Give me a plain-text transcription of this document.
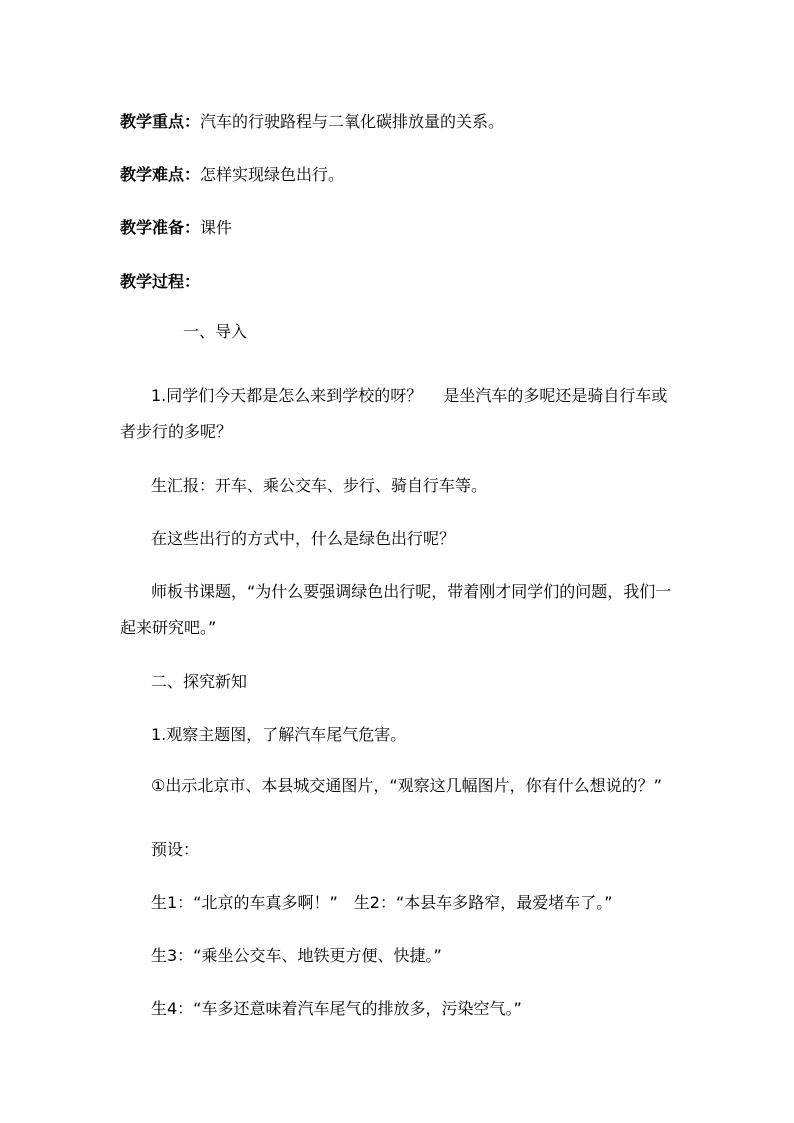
教学重点：汽车的行驶路程与二氧化碳排放量的关系。
教学难点：怎样实现绿色出行。
教学准备：课件
教学过程：
一、导入
1.同学们今天都是怎么来到学校的呀？　 是坐汽车的多呢还是骑自行车或
者步行的多呢？
生汇报：开车、乘公交车、步行、骑自行车等。
在这些出行的方式中，什么是绿色出行呢？
师板书课题，“为什么要强调绿色出行呢，带着刚才同学们的问题，我们一
起来研究吧。”
二、探究新知
1.观察主题图，了解汽车尾气危害。
①出示北京市、本县城交通图片，“观察这几幅图片，你有什么想说的？”
预设：
生1：“北京的车真多啊！”　生2：“本县车多路窄，最爱堵车了。”
生3：“乘坐公交车、地铁更方便、快捷。”
生4：“车多还意味着汽车尾气的排放多，污染空气。”
